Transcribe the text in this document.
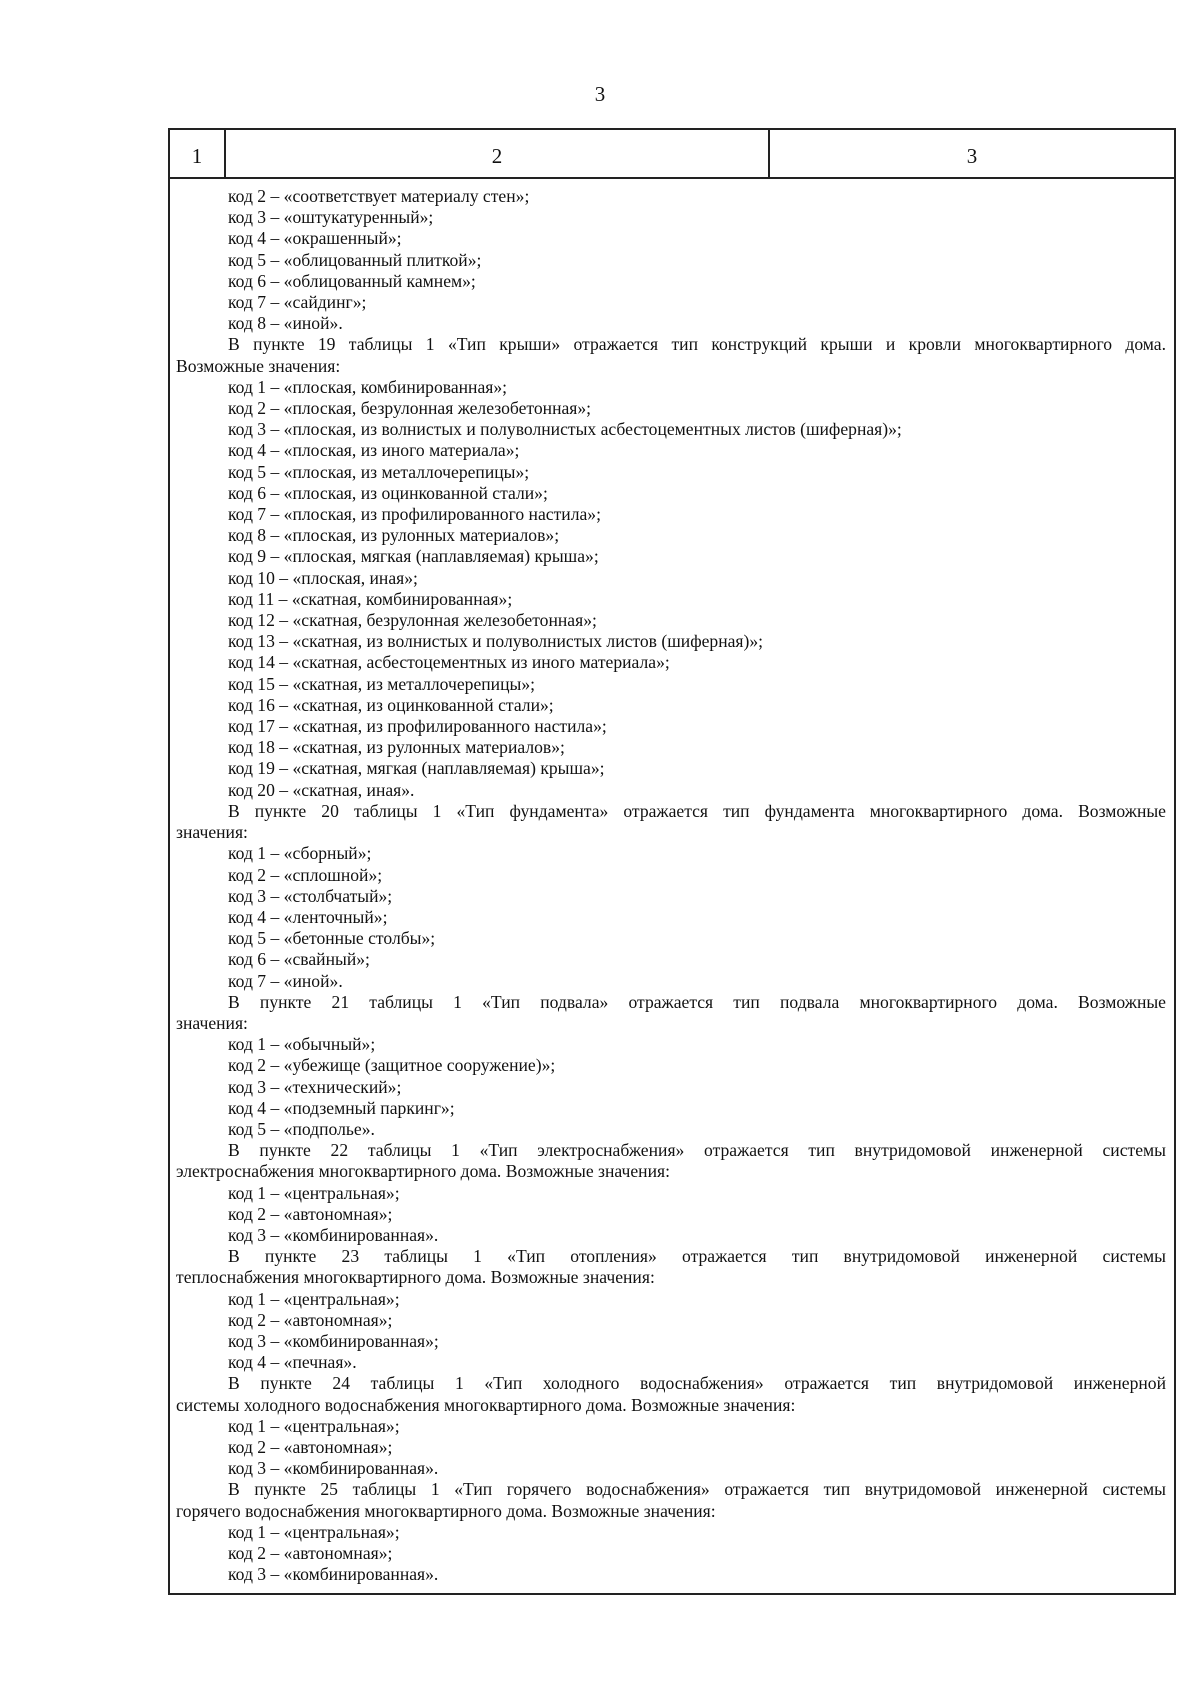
3
1	2	3
код 2 – «соответствует материалу стен»;
код 3 – «оштукатуренный»;
код 4 – «окрашенный»;
код 5 – «облицованный плиткой»;
код 6 – «облицованный камнем»;
код 7 – «сайдинг»;
код 8 – «иной».
В пункте 19 таблицы 1 «Тип крыши» отражается тип конструкций крыши и кровли многоквартирного дома.
Возможные значения:
код 1 – «плоская, комбинированная»;
код 2 – «плоская, безрулонная железобетонная»;
код 3 – «плоская, из волнистых и полуволнистых асбестоцементных листов (шиферная)»;
код 4 – «плоская, из иного материала»;
код 5 – «плоская, из металлочерепицы»;
код 6 – «плоская, из оцинкованной стали»;
код 7 – «плоская, из профилированного настила»;
код 8 – «плоская, из рулонных материалов»;
код 9 – «плоская, мягкая (наплавляемая) крыша»;
код 10 – «плоская, иная»;
код 11 – «скатная, комбинированная»;
код 12 – «скатная, безрулонная железобетонная»;
код 13 – «скатная, из волнистых и полуволнистых листов (шиферная)»;
код 14 – «скатная, асбестоцементных из иного материала»;
код 15 – «скатная, из металлочерепицы»;
код 16 – «скатная, из оцинкованной стали»;
код 17 – «скатная, из профилированного настила»;
код 18 – «скатная, из рулонных материалов»;
код 19 – «скатная, мягкая (наплавляемая) крыша»;
код 20 – «скатная, иная».
В пункте 20 таблицы 1 «Тип фундамента» отражается тип фундамента многоквартирного дома. Возможные
значения:
код 1 – «сборный»;
код 2 – «сплошной»;
код 3 – «столбчатый»;
код 4 – «ленточный»;
код 5 – «бетонные столбы»;
код 6 – «свайный»;
код 7 – «иной».
В пункте 21 таблицы 1 «Тип подвала» отражается тип подвала многоквартирного дома. Возможные
значения:
код 1 – «обычный»;
код 2 – «убежище (защитное сооружение)»;
код 3 – «технический»;
код 4 – «подземный паркинг»;
код 5 – «подполье».
В пункте 22 таблицы 1 «Тип электроснабжения» отражается тип внутридомовой инженерной системы
электроснабжения многоквартирного дома. Возможные значения:
код 1 – «центральная»;
код 2 – «автономная»;
код 3 – «комбинированная».
В пункте 23 таблицы 1 «Тип отопления» отражается тип внутридомовой инженерной системы
теплоснабжения многоквартирного дома. Возможные значения:
код 1 – «центральная»;
код 2 – «автономная»;
код 3 – «комбинированная»;
код 4 – «печная».
В пункте 24 таблицы 1 «Тип холодного водоснабжения» отражается тип внутридомовой инженерной
системы холодного водоснабжения многоквартирного дома. Возможные значения:
код 1 – «центральная»;
код 2 – «автономная»;
код 3 – «комбинированная».
В пункте 25 таблицы 1 «Тип горячего водоснабжения» отражается тип внутридомовой инженерной системы
горячего водоснабжения многоквартирного дома. Возможные значения:
код 1 – «центральная»;
код 2 – «автономная»;
код 3 – «комбинированная».
